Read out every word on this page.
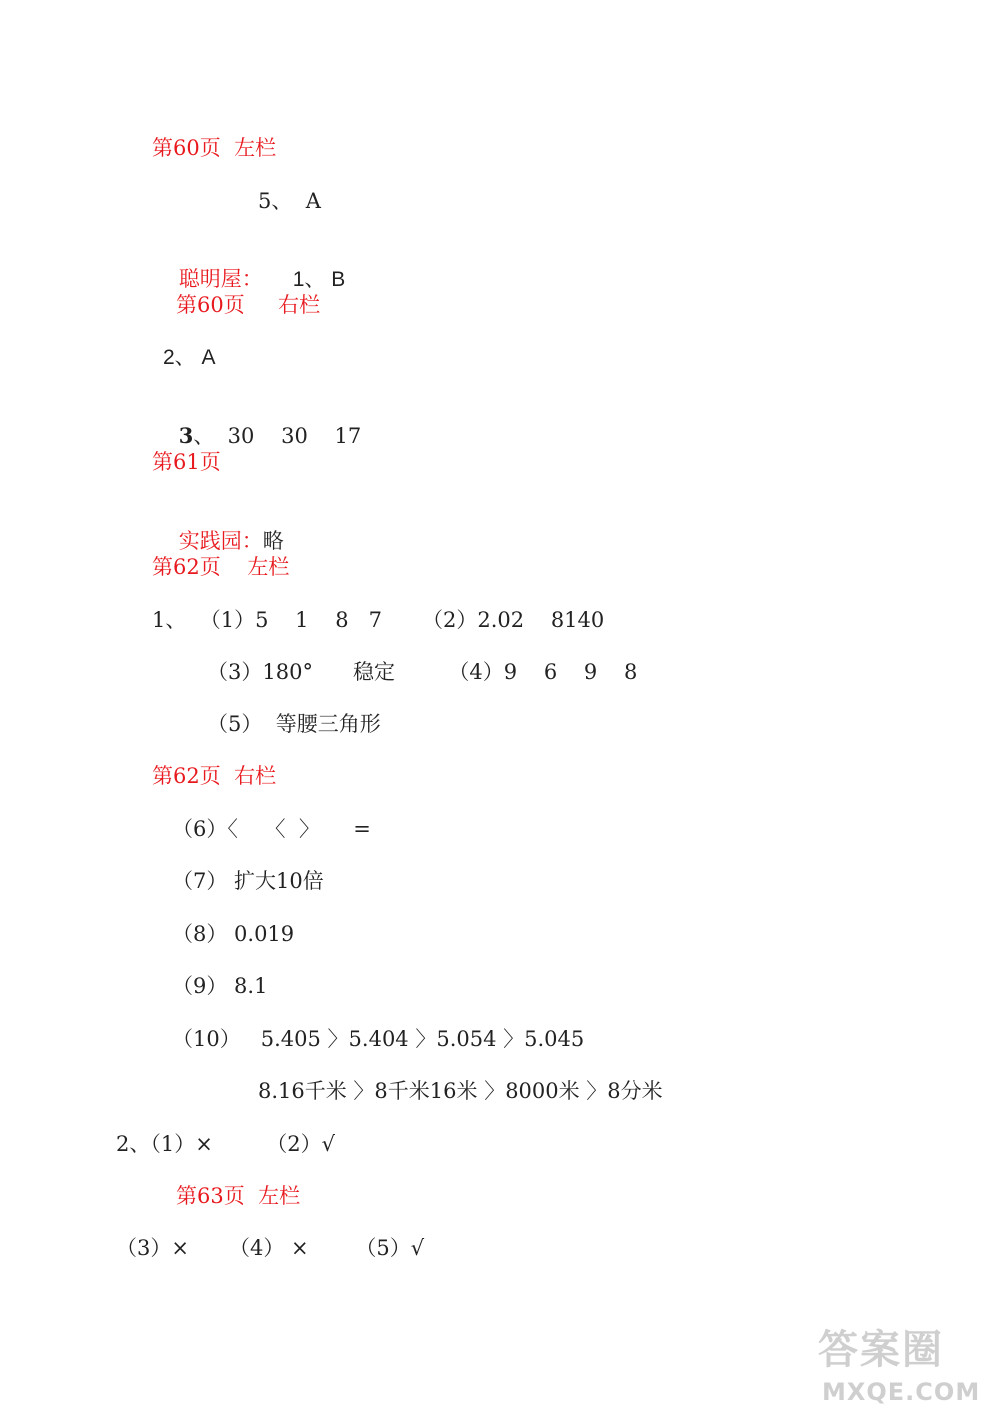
第60页  左栏
5、  A

聪明屋： 1、 B

第60页     右栏
2、 A

3、  30    30    17

第61页

实践园：略

第62页    左栏
1、  （1）5    1    8   7      （2）2.02    8140
（3）180°      稳定        （4）9    6    9    8
（5）  等腰三角形
第62页  右栏
（6）〈    〈  〉     =
（7） 扩大10倍
（8） 0.019
（9） 8.1
（10）   5.405 〉5.404 〉5.054 〉5.045
8.16千米 〉8千米16米 〉8000米 〉8分米
2、（1）×        （2）√
第63页  左栏
（3）×      （4） ×       （5）√
答案圈
MXQE.COM
